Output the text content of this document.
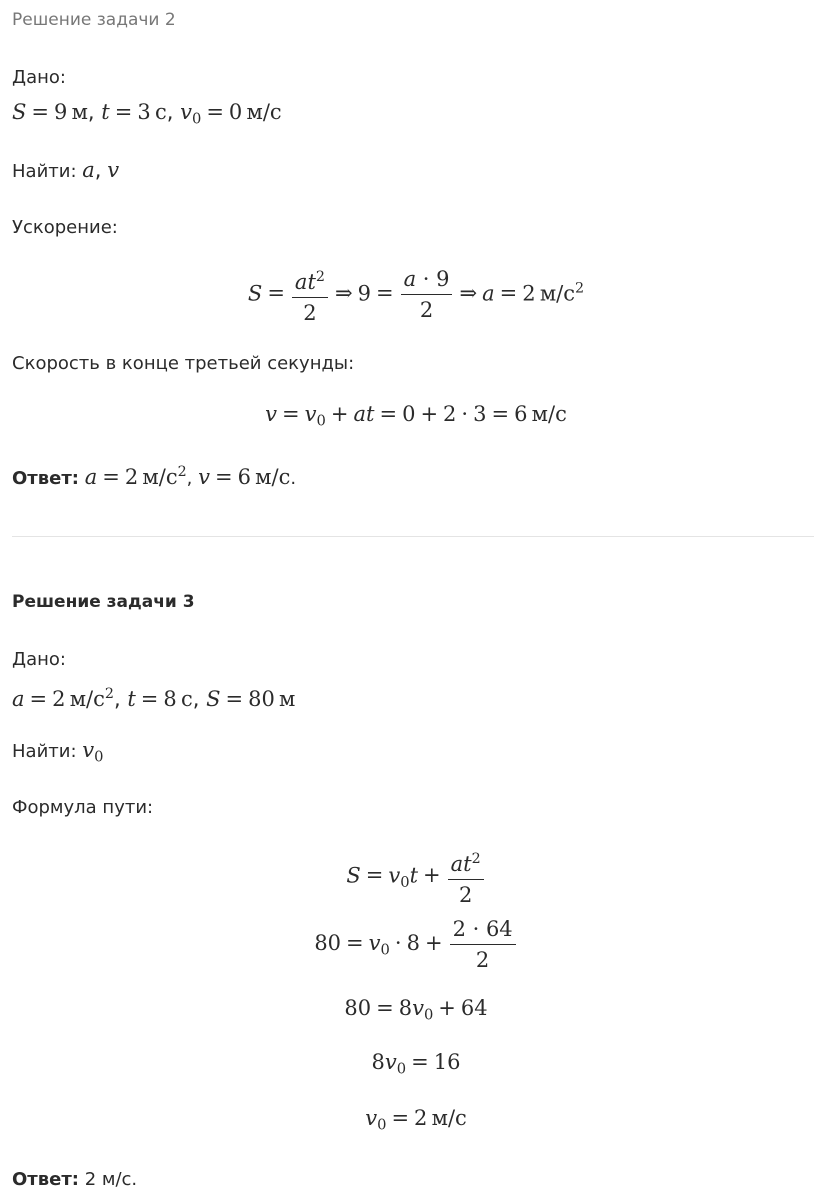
Решение задачи 2
Дано:
S = 9  м, t = 3  с, $v_0 = 0$  м/с
Найти: a, v
Ускорение:
$S = \frac{at^2}{2}$ ⇒ $9 = \frac{a \cdot 9}{2}$ ⇒ a = 2  $м/с^2$
Скорость в конце третьей секунды:
$v = v_0$ + at = 0 + 2 · 3 = 6  м/с
Ответ: a = 2 $м/с^2$, v = 6 м/с.
Решение задачи 3
Дано:
a = 2 $м/с^2$, t = 8 с, S = 80 м
Найти: $v_0$
Формула пути:
$S = v_0t + \frac{at^2}{2}$
$80 = v_0 \cdot 8 + \frac{2 \cdot 64}{2}$
$80 = 8v_0 + 64$
$8v_0 = 16$
$v_0 = 2$  м/с
Ответ: 2 м/с.
